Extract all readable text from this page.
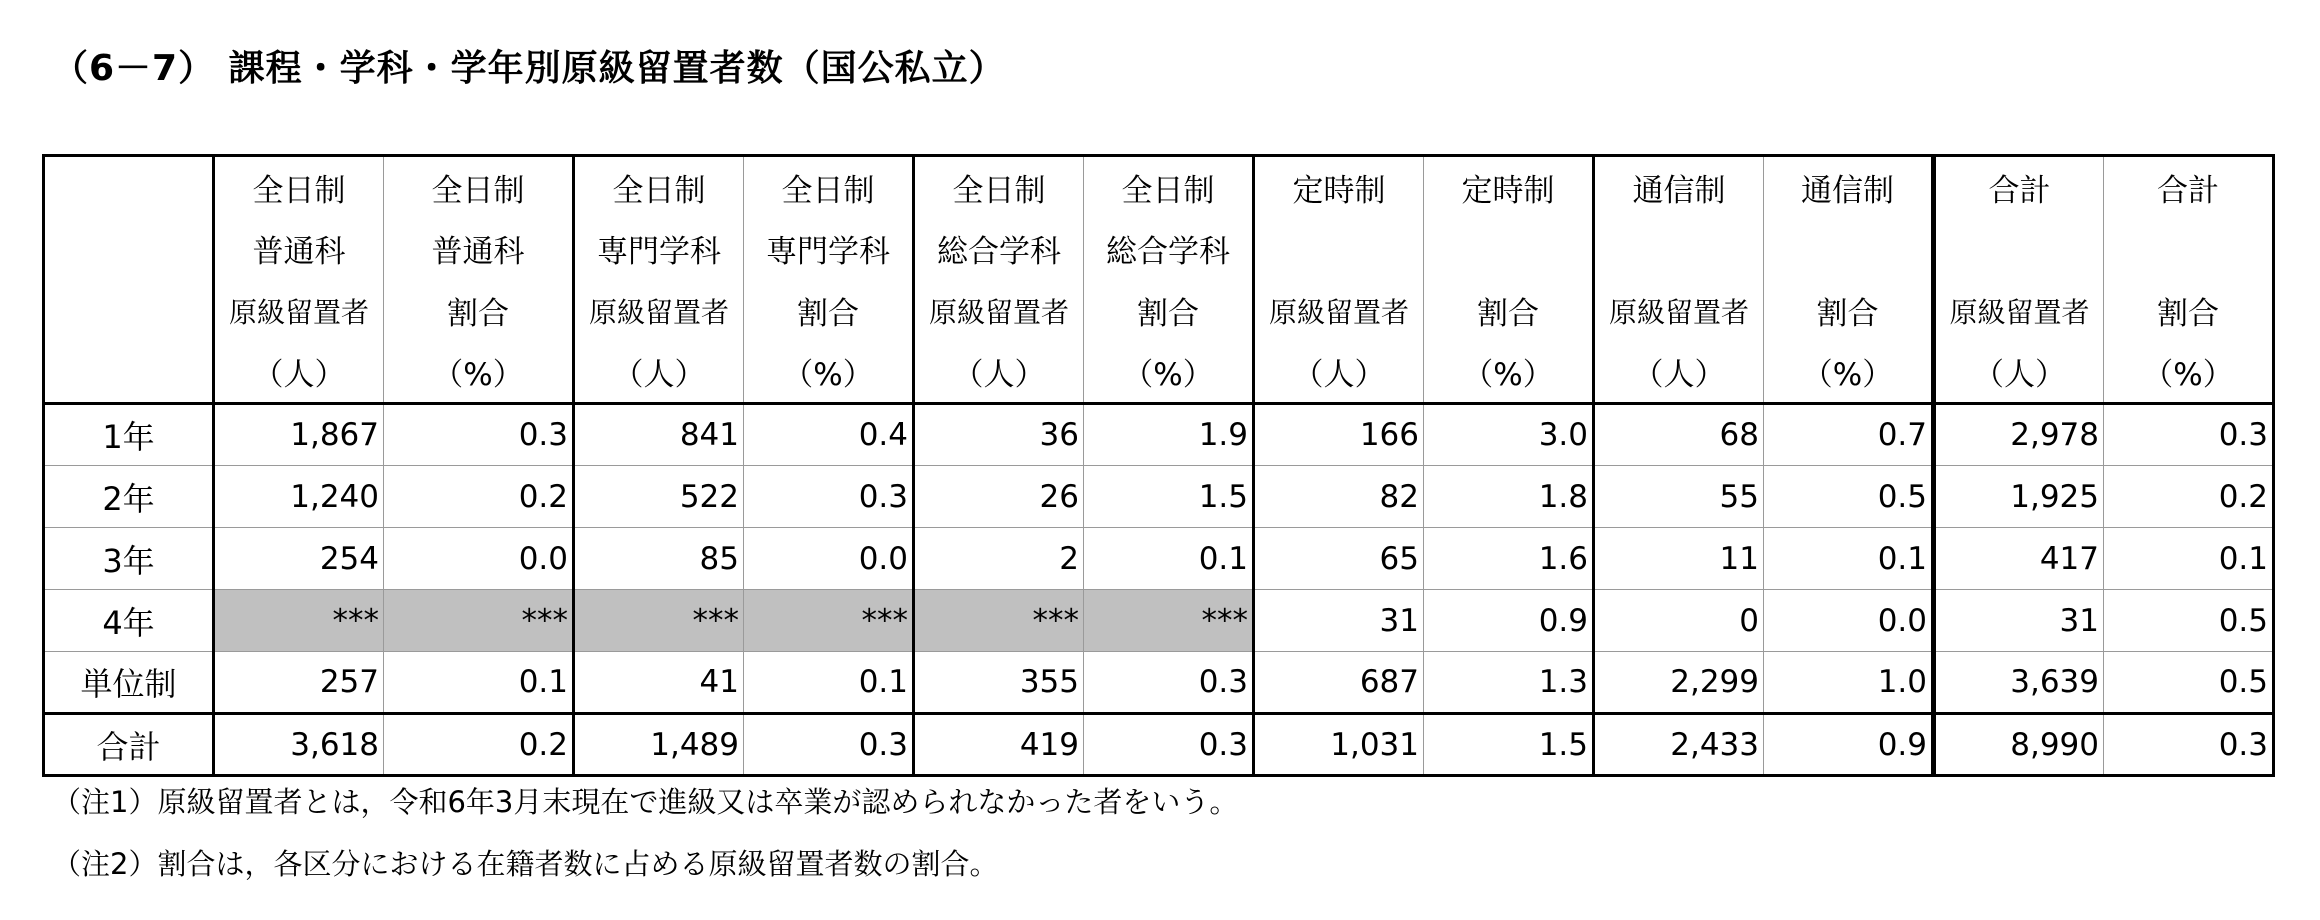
（6－7） 課程・学科・学年別原級留置者数（国公私立）
	全日制	全日制	全日制	全日制	全日制	全日制	定時制	定時制	通信制	通信制	合計	合計
	普通科	普通科	専門学科	専門学科	総合学科	総合学科						
	原級留置者	割合	原級留置者	割合	原級留置者	割合	原級留置者	割合	原級留置者	割合	原級留置者	割合
	（人）	（%）	（人）	（%）	（人）	（%）	（人）	（%）	（人）	（%）	（人）	（%）
1年	1,867	0.3	841	0.4	36	1.9	166	3.0	68	0.7	2,978	0.3
2年	1,240	0.2	522	0.3	26	1.5	82	1.8	55	0.5	1,925	0.2
3年	254	0.0	85	0.0	2	0.1	65	1.6	11	0.1	417	0.1
4年	***	***	***	***	***	***	31	0.9	0	0.0	31	0.5
単位制	257	0.1	41	0.1	355	0.3	687	1.3	2,299	1.0	3,639	0.5
合計	3,618	0.2	1,489	0.3	419	0.3	1,031	1.5	2,433	0.9	8,990	0.3
（注1）原級留置者とは，令和6年3月末現在で進級又は卒業が認められなかった者をいう。
（注2）割合は，各区分における在籍者数に占める原級留置者数の割合。
